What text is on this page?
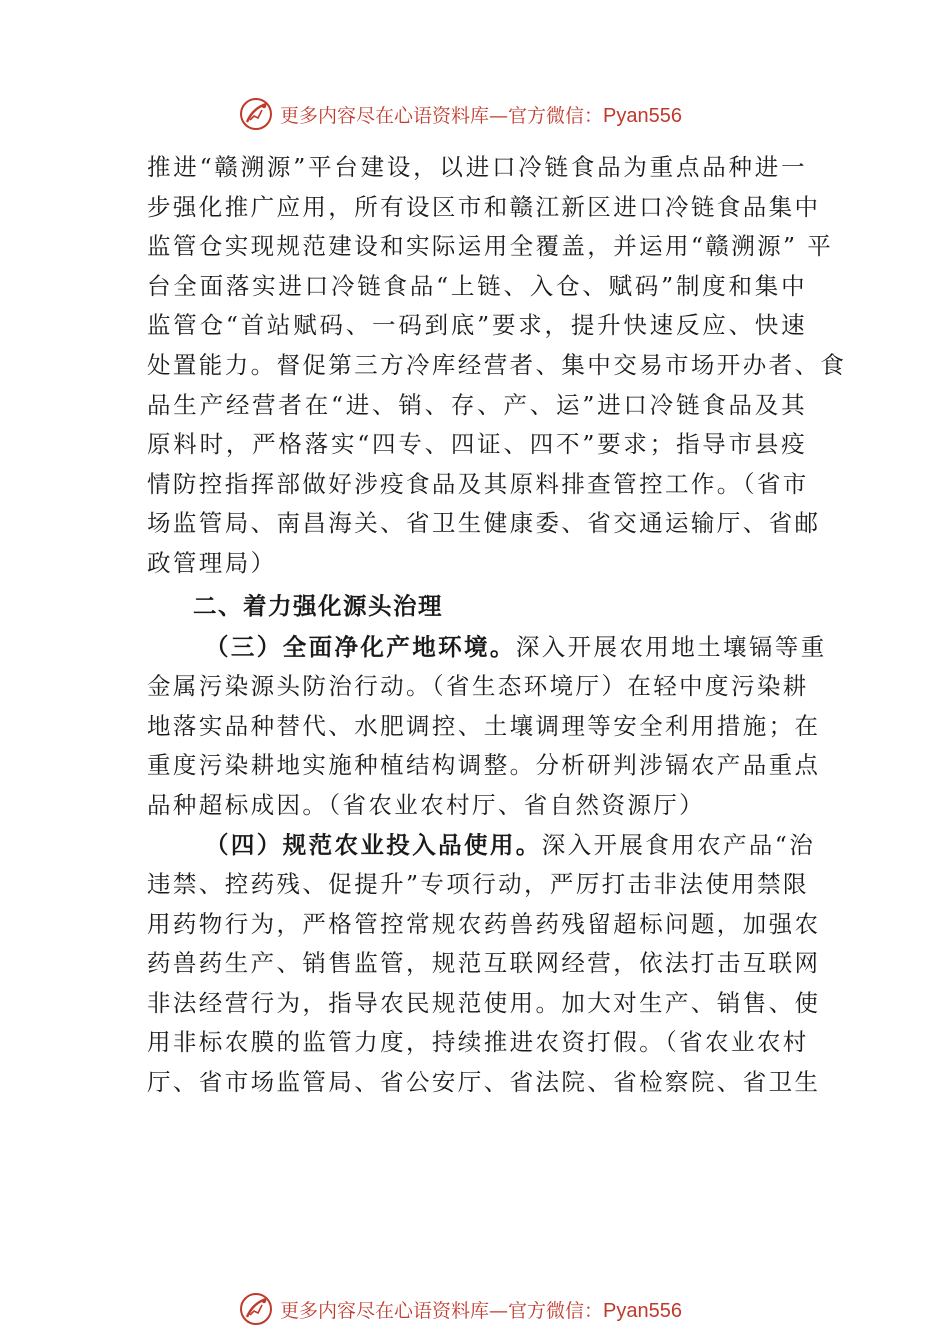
更多内容尽在心语资料库—官方微信：Pyan556
推进“赣溯源”平台建设，以进口冷链食品为重点品种进一
步强化推广应用，所有设区市和赣江新区进口冷链食品集中
监管仓实现规范建设和实际运用全覆盖，并运用“赣溯源” 平
台全面落实进口冷链食品“上链、入仓、赋码”制度和集中
监管仓“首站赋码、一码到底”要求，提升快速反应、快速
处置能力。督促第三方冷库经营者、集中交易市场开办者、食
品生产经营者在“进、销、存、产、运”进口冷链食品及其
原料时，严格落实“四专、四证、四不”要求；指导市县疫
情防控指挥部做好涉疫食品及其原料排查管控工作。（省市
场监管局、南昌海关、省卫生健康委、省交通运输厅、省邮
政管理局）
二、着力强化源头治理
（三）全面净化产地环境。深入开展农用地土壤镉等重
金属污染源头防治行动。（省生态环境厅）在轻中度污染耕
地落实品种替代、水肥调控、土壤调理等安全利用措施；在
重度污染耕地实施种植结构调整。分析研判涉镉农产品重点
品种超标成因。（省农业农村厅、省自然资源厅）
（四）规范农业投入品使用。深入开展食用农产品“治
违禁、控药残、促提升”专项行动，严厉打击非法使用禁限
用药物行为，严格管控常规农药兽药残留超标问题，加强农
药兽药生产、销售监管，规范互联网经营，依法打击互联网
非法经营行为，指导农民规范使用。加大对生产、销售、使
用非标农膜的监管力度，持续推进农资打假。（省农业农村
厅、省市场监管局、省公安厅、省法院、省检察院、省卫生
更多内容尽在心语资料库—官方微信：Pyan556
